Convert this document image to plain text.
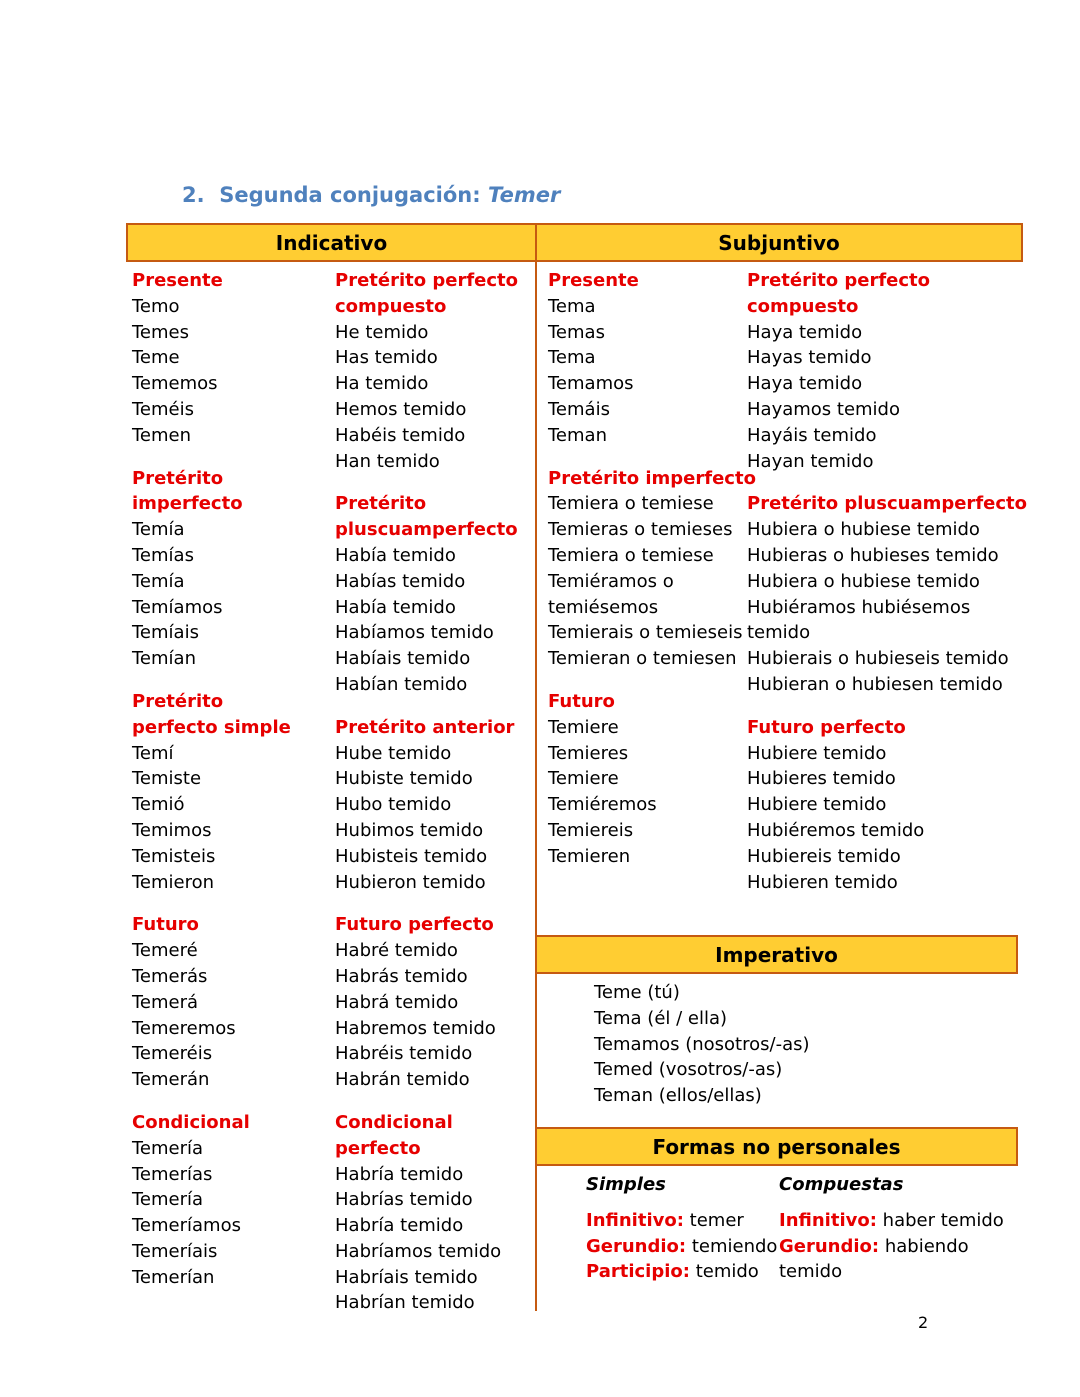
2. Segunda conjugación: Temer
Indicativo	Subjuntivo
Imperativo
Formas no personales
Presente
Temo
Temes
Teme
Tememos
Teméis
Temen
Pretérito
imperfecto
Temía
Temías
Temía
Temíamos
Temíais
Temían
Pretérito
perfecto simple
Temí
Temiste
Temió
Temimos
Temisteis
Temieron
Futuro
Temeré
Temerás
Temerá
Temeremos
Temeréis
Temerán
Condicional
Temería
Temerías
Temería
Temeríamos
Temeríais
Temerían
Pretérito perfecto
compuesto
He temido
Has temido
Ha temido
Hemos temido
Habéis temido
Han temido
Pretérito
pluscuamperfecto
Había temido
Habías temido
Había temido
Habíamos temido
Habíais temido
Habían temido
Pretérito anterior
Hube temido
Hubiste temido
Hubo temido
Hubimos temido
Hubisteis temido
Hubieron temido
Futuro perfecto
Habré temido
Habrás temido
Habrá temido
Habremos temido
Habréis temido
Habrán temido
Condicional
perfecto
Habría temido
Habrías temido
Habría temido
Habríamos temido
Habríais temido
Habrían temido
Presente
Tema
Temas
Tema
Temamos
Temáis
Teman
Pretérito imperfecto
Temiera o temiese
Temieras o temieses
Temiera o temiese
Temiéramos o
temiésemos
Temierais o temieseis
Temieran o temiesen
Futuro
Temiere
Temieres
Temiere
Temiéremos
Temiereis
Temieren
Pretérito perfecto
compuesto
Haya temido
Hayas temido
Haya temido
Hayamos temido
Hayáis temido
Hayan temido
Pretérito pluscuamperfecto
Hubiera o hubiese temido
Hubieras o hubieses temido
Hubiera o hubiese temido
Hubiéramos hubiésemos
temido
Hubierais o hubieseis temido
Hubieran o hubiesen temido
Futuro perfecto
Hubiere temido
Hubieres temido
Hubiere temido
Hubiéremos temido
Hubiereis temido
Hubieren temido
Teme (tú)
Tema (él / ella)
Temamos (nosotros/-as)
Temed (vosotros/-as)
Teman (ellos/ellas)
Simples
Infinitivo: temer
Gerundio: temiendo
Participio: temido
Compuestas
Infinitivo: haber temido
Gerundio: habiendo
temido
2
